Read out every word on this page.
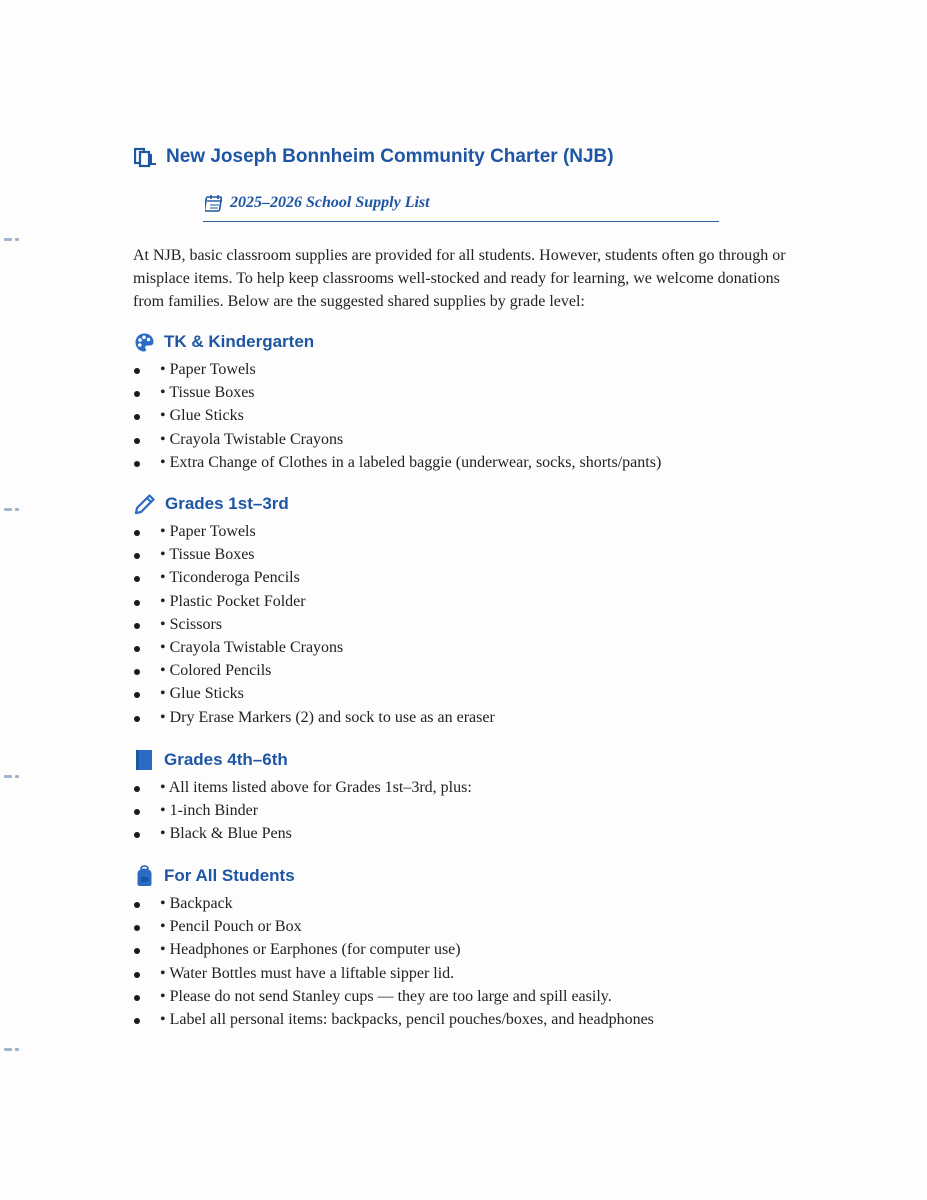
New Joseph Bonnheim Community Charter (NJB)
2025–2026 School Supply List

At NJB, basic classroom supplies are provided for all students. However, students often go through or misplace items. To help keep classrooms well-stocked and ready for learning, we welcome donations from families. Below are the suggested shared supplies by grade level:

TK & Kindergarten
• Paper Towels
• Tissue Boxes
• Glue Sticks
• Crayola Twistable Crayons
• Extra Change of Clothes in a labeled baggie (underwear, socks, shorts/pants)
Grades 1st–3rd
• Paper Towels
• Tissue Boxes
• Ticonderoga Pencils
• Plastic Pocket Folder
• Scissors
• Crayola Twistable Crayons
• Colored Pencils
• Glue Sticks
• Dry Erase Markers (2) and sock to use as an eraser
Grades 4th–6th
• All items listed above for Grades 1st–3rd, plus:
• 1-inch Binder
• Black & Blue Pens
For All Students
• Backpack
• Pencil Pouch or Box
• Headphones or Earphones (for computer use)
• Water Bottles must have a liftable sipper lid.
• Please do not send Stanley cups — they are too large and spill easily.
• Label all personal items: backpacks, pencil pouches/boxes, and headphones
